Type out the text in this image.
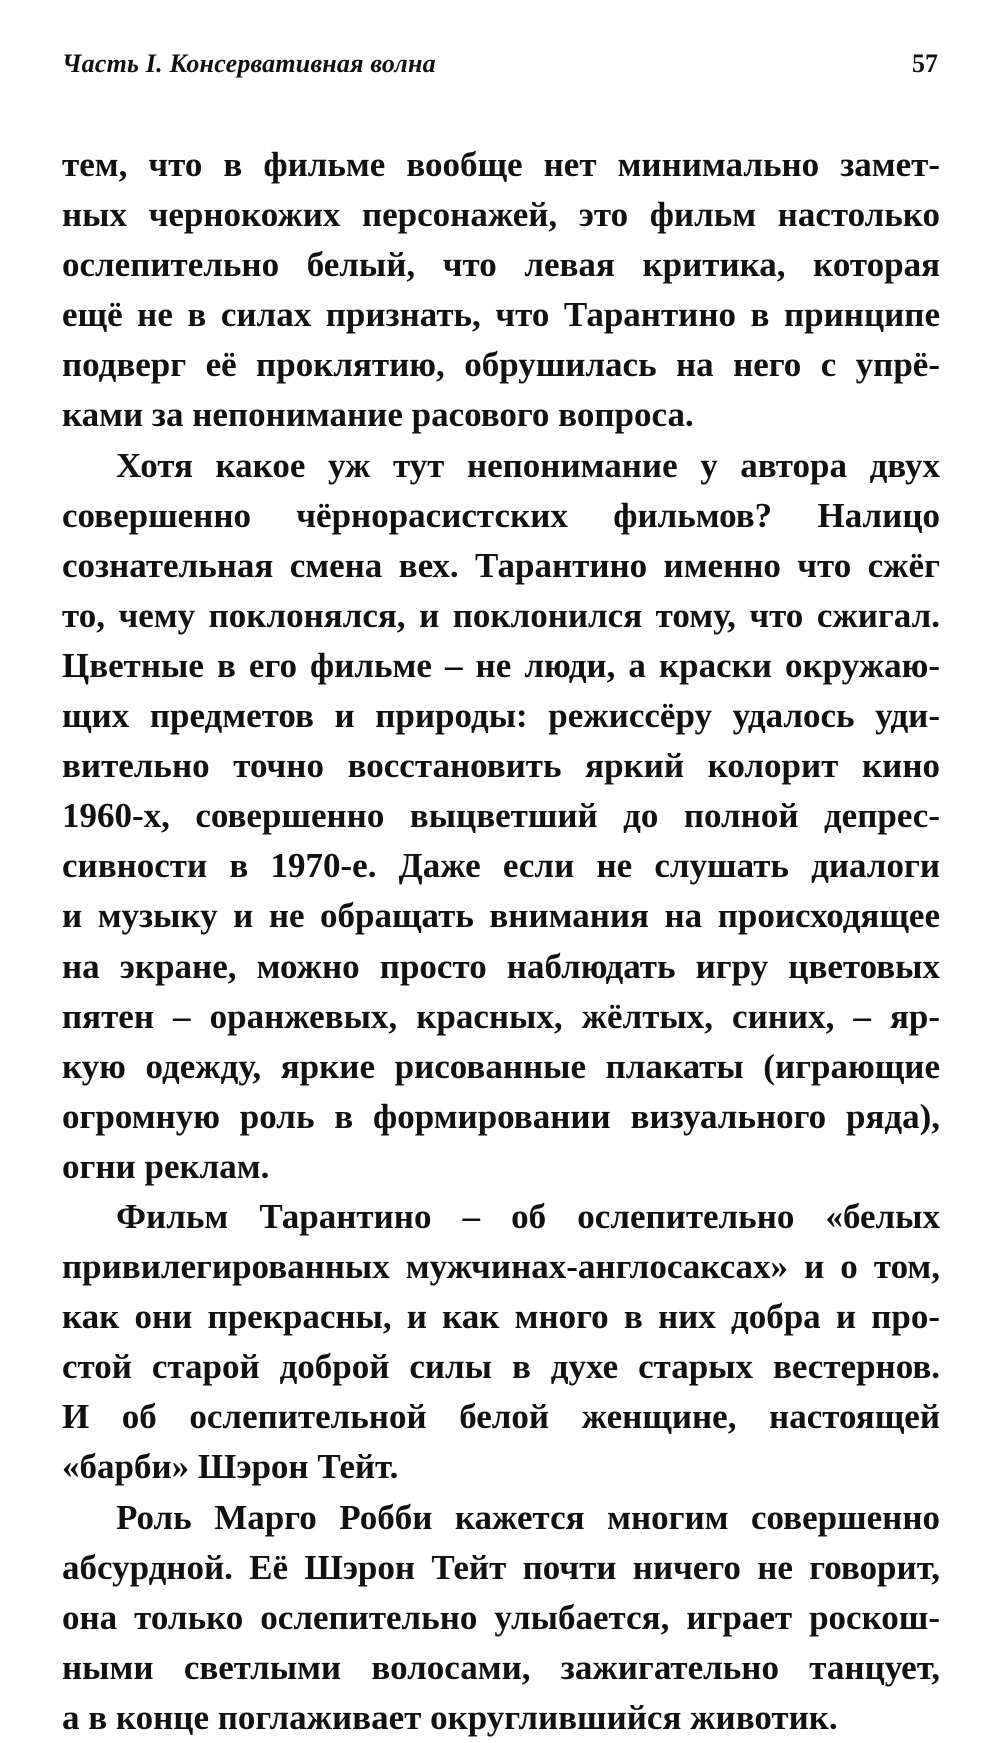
Часть I. Консервативная волна	57
тем, что в фильме вообще нет минимально замет-
ных чернокожих персонажей, это фильм настолько
ослепительно белый, что левая критика, которая
ещё не в силах признать, что Тарантино в принципе
подверг её проклятию, обрушилась на него с упрё-
ками за непонимание расового вопроса.
Хотя какое уж тут непонимание у автора двух
совершенно чёрнорасистских фильмов? Налицо
сознательная смена вех. Тарантино именно что сжёг
то, чему поклонялся, и поклонился тому, что сжигал.
Цветные в его фильме – не люди, а краски окружаю-
щих предметов и природы: режиссёру удалось уди-
вительно точно восстановить яркий колорит кино
1960-х, совершенно выцветший до полной депрес-
сивности в 1970-е. Даже если не слушать диалоги
и музыку и не обращать внимания на происходящее
на экране, можно просто наблюдать игру цветовых
пятен – оранжевых, красных, жёлтых, синих, – яр-
кую одежду, яркие рисованные плакаты (играющие
огромную роль в формировании визуального ряда),
огни реклам.
Фильм Тарантино – об ослепительно «белых
привилегированных мужчинах-англосаксах» и о том,
как они прекрасны, и как много в них добра и про-
стой старой доброй силы в духе старых вестернов.
И об ослепительной белой женщине, настоящей
«барби» Шэрон Тейт.
Роль Марго Робби кажется многим совершенно
абсурдной. Её Шэрон Тейт почти ничего не говорит,
она только ослепительно улыбается, играет роскош-
ными светлыми волосами, зажигательно танцует,
а в конце поглаживает округлившийся животик.
